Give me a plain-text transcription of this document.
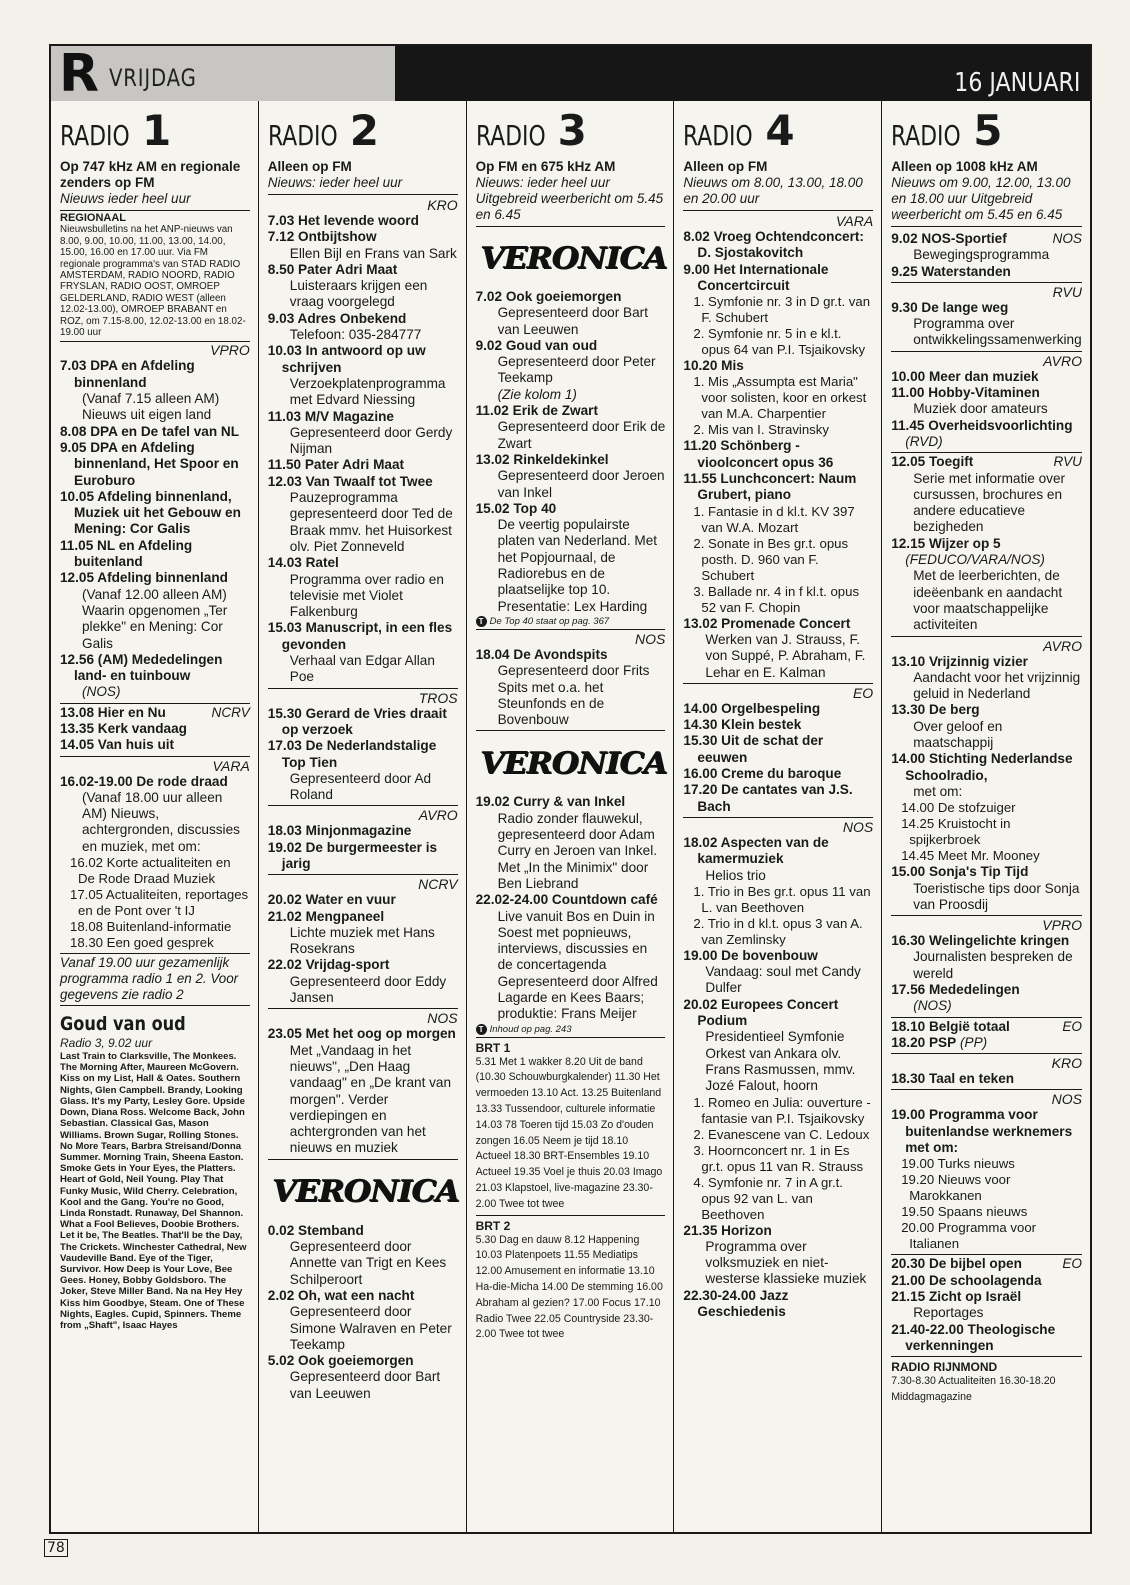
R VRIJDAG	16 JANUARI
RADIO 1
Op 747 kHz AM en regionale zenders op FM
Nieuws ieder heel uur
REGIONAAL
Nieuwsbulletins na het ANP-nieuws van 8.00, 9.00, 10.00, 11.00, 13.00, 14.00, 15.00, 16.00 en 17.00 uur. Via FM regionale programma's van STAD RADIO AMSTERDAM, RADIO NOORD, RADIO FRYSLAN, RADIO OOST, OMROEP GELDERLAND, RADIO WEST (alleen 12.02-13.00), OMROEP BRABANT en ROZ, om 7.15-8.00, 12.02-13.00 en 18.02-19.00 uur
VPRO
7.03 DPA en Afdeling binnenland
(Vanaf 7.15 alleen AM) Nieuws uit eigen land
8.08 DPA en De tafel van NL
9.05 DPA en Afdeling binnenland, Het Spoor en Euroburo
10.05 Afdeling binnenland, Muziek uit het Gebouw en Mening: Cor Galis
11.05 NL en Afdeling buitenland
12.05 Afdeling binnenland
(Vanaf 12.00 alleen AM) Waarin opgenomen „Ter plekke" en Mening: Cor Galis
12.56 (AM) Mededelingen land- en tuinbouw
(NOS)
13.08 Hier en Nu	NCRV
13.35 Kerk vandaag
14.05 Van huis uit
VARA
16.02-19.00 De rode draad
(Vanaf 18.00 uur alleen AM) Nieuws, achtergronden, discussies en muziek, met om:
16.02 Korte actualiteiten en De Rode Draad Muziek
17.05 Actualiteiten, reportages en de Pont over 't IJ
18.08 Buitenland-informatie
18.30 Een goed gesprek
Vanaf 19.00 uur gezamenlijk programma radio 1 en 2. Voor gegevens zie radio 2
Goud van oud
Radio 3, 9.02 uur
Last Train to Clarksville, The Monkees. The Morning After, Maureen McGovern. Kiss on my List, Hall & Oates. Southern Nights, Glen Campbell. Brandy, Looking Glass. It's my Party, Lesley Gore. Upside Down, Diana Ross. Welcome Back, John Sebastian. Classical Gas, Mason Williams. Brown Sugar, Rolling Stones. No More Tears, Barbra Streisand/Donna Summer. Morning Train, Sheena Easton. Smoke Gets in Your Eyes, the Platters. Heart of Gold, Neil Young. Play That Funky Music, Wild Cherry. Celebration, Kool and the Gang. You're no Good, Linda Ronstadt. Runaway, Del Shannon. What a Fool Believes, Doobie Brothers. Let it be, The Beatles. That'll be the Day, The Crickets. Winchester Cathedral, New Vaudeville Band. Eye of the Tiger, Survivor. How Deep is Your Love, Bee Gees. Honey, Bobby Goldsboro. The Joker, Steve Miller Band. Na na Hey Hey Kiss him Goodbye, Steam. One of These Nights, Eagles. Cupid, Spinners. Theme from „Shaft", Isaac Hayes
RADIO 2
Alleen op FM
Nieuws: ieder heel uur
KRO
7.03 Het levende woord
7.12 Ontbijtshow
Ellen Bijl en Frans van Sark
8.50 Pater Adri Maat
Luisteraars krijgen een vraag voorgelegd
9.03 Adres Onbekend
Telefoon: 035-284777
10.03 In antwoord op uw schrijven
Verzoekplatenprogramma met Edvard Niessing
11.03 M/V Magazine
Gepresenteerd door Gerdy Nijman
11.50 Pater Adri Maat
12.03 Van Twaalf tot Twee
Pauzeprogramma gepresenteerd door Ted de Braak mmv. het Huisorkest olv. Piet Zonneveld
14.03 Ratel
Programma over radio en televisie met Violet Falkenburg
15.03 Manuscript, in een fles gevonden
Verhaal van Edgar Allan Poe
TROS
15.30 Gerard de Vries draait op verzoek
17.03 De Nederlandstalige Top Tien
Gepresenteerd door Ad Roland
AVRO
18.03 Minjonmagazine
19.02 De burgermeester is jarig
NCRV
20.02 Water en vuur
21.02 Mengpaneel
Lichte muziek met Hans Rosekrans
22.02 Vrijdag-sport
Gepresenteerd door Eddy Jansen
NOS
23.05 Met het oog op morgen
Met „Vandaag in het nieuws", „Den Haag vandaag" en „De krant van morgen". Verder verdiepingen en achtergronden van het nieuws en muziek
VERONICA
0.02 Stemband
Gepresenteerd door Annette van Trigt en Kees Schilperoort
2.02 Oh, wat een nacht
Gepresenteerd door Simone Walraven en Peter Teekamp
5.02 Ook goeiemorgen
Gepresenteerd door Bart van Leeuwen
RADIO 3
Op FM en 675 kHz AM
Nieuws: ieder heel uur Uitgebreid weerbericht om 5.45 en 6.45
VERONICA
7.02 Ook goeiemorgen
Gepresenteerd door Bart van Leeuwen
9.02 Goud van oud
Gepresenteerd door Peter Teekamp
(Zie kolom 1)
11.02 Erik de Zwart
Gepresenteerd door Erik de Zwart
13.02 Rinkeldekinkel
Gepresenteerd door Jeroen van Inkel
15.02 Top 40
De veertig populairste platen van Nederland. Met het Popjournaal, de Radiorebus en de plaatselijke top 10. Presentatie: Lex Harding
T De Top 40 staat op pag. 367
NOS
18.04 De Avondspits
Gepresenteerd door Frits Spits met o.a. het Steunfonds en de Bovenbouw
VERONICA
19.02 Curry & van Inkel
Radio zonder flauwekul, gepresenteerd door Adam Curry en Jeroen van Inkel. Met „In the Minimix" door Ben Liebrand
22.02-24.00 Countdown café
Live vanuit Bos en Duin in Soest met popnieuws, interviews, discussies en de concertagenda Gepresenteerd door Alfred Lagarde en Kees Baars; produktie: Frans Meijer
T Inhoud op pag. 243
BRT 1
5.31 Met 1 wakker 8.20 Uit de band (10.30 Schouwburgkalender) 11.30 Het vermoeden 13.10 Act. 13.25 Buitenland 13.33 Tussendoor, culturele informatie 14.03 78 Toeren tijd 15.03 Zo d'ouden zongen 16.05 Neem je tijd 18.10 Actueel 18.30 BRT-Ensembles 19.10 Actueel 19.35 Voel je thuis 20.03 Imago 21.03 Klapstoel, live-magazine 23.30-2.00 Twee tot twee
BRT 2
5.30 Dag en dauw 8.12 Happening 10.03 Platenpoets 11.55 Mediatips 12.00 Amusement en informatie 13.10 Ha-die-Micha 14.00 De stemming 16.00 Abraham al gezien? 17.00 Focus 17.10 Radio Twee 22.05 Countryside 23.30-2.00 Twee tot twee
RADIO 4
Alleen op FM
Nieuws om 8.00, 13.00, 18.00 en 20.00 uur
VARA
8.02 Vroeg Ochtendconcert: D. Sjostakovitch
9.00 Het Internationale Concertcircuit
1. Symfonie nr. 3 in D gr.t. van F. Schubert
2. Symfonie nr. 5 in e kl.t. opus 64 van P.I. Tsjaikovsky
10.20 Mis
1. Mis „Assumpta est Maria" voor solisten, koor en orkest van M.A. Charpentier
2. Mis van I. Stravinsky
11.20 Schönberg - vioolconcert opus 36
11.55 Lunchconcert: Naum Grubert, piano
1. Fantasie in d kl.t. KV 397 van W.A. Mozart
2. Sonate in Bes gr.t. opus posth. D. 960 van F. Schubert
3. Ballade nr. 4 in f kl.t. opus 52 van F. Chopin
13.02 Promenade Concert
Werken van J. Strauss, F. von Suppé, P. Abraham, F. Lehar en E. Kalman
EO
14.00 Orgelbespeling
14.30 Klein bestek
15.30 Uit de schat der eeuwen
16.00 Creme du baroque
17.20 De cantates van J.S. Bach
NOS
18.02 Aspecten van de kamermuziek
Helios trio
1. Trio in Bes gr.t. opus 11 van L. van Beethoven
2. Trio in d kl.t. opus 3 van A. van Zemlinsky
19.00 De bovenbouw
Vandaag: soul met Candy Dulfer
20.02 Europees Concert Podium
Presidentieel Symfonie Orkest van Ankara olv. Frans Rasmussen, mmv. Jozé Falout, hoorn
1. Romeo en Julia: ouverture - fantasie van P.I. Tsjaikovsky
2. Evanescene van C. Ledoux
3. Hoornconcert nr. 1 in Es gr.t. opus 11 van R. Strauss
4. Symfonie nr. 7 in A gr.t. opus 92 van L. van Beethoven
21.35 Horizon
Programma over volksmuziek en niet-westerse klassieke muziek
22.30-24.00 Jazz Geschiedenis
RADIO 5
Alleen op 1008 kHz AM
Nieuws om 9.00, 12.00, 13.00 en 18.00 uur Uitgebreid weerbericht om 5.45 en 6.45
9.02 NOS-Sportief	NOS
Bewegingsprogramma
9.25 Waterstanden
RVU
9.30 De lange weg
Programma over ontwikkelingssamenwerking
AVRO
10.00 Meer dan muziek
11.00 Hobby-Vitaminen
Muziek door amateurs
11.45 Overheidsvoorlichting (RVD)
12.05 Toegift	RVU
Serie met informatie over cursussen, brochures en andere educatieve bezigheden
12.15 Wijzer op 5 (FEDUCO/VARA/NOS)
Met de leerberichten, de ideëenbank en aandacht voor maatschappelijke activiteiten
AVRO
13.10 Vrijzinnig vizier
Aandacht voor het vrijzinnig geluid in Nederland
13.30 De berg
Over geloof en maatschappij
14.00 Stichting Nederlandse Schoolradio,
met om:
14.00 De stofzuiger
14.25 Kruistocht in spijkerbroek
14.45 Meet Mr. Mooney
15.00 Sonja's Tip Tijd
Toeristische tips door Sonja van Proosdij
VPRO
16.30 Welingelichte kringen
Journalisten bespreken de wereld
17.56 Mededelingen
(NOS)
18.10 België totaal	EO
18.20 PSP (PP)
KRO
18.30 Taal en teken
NOS
19.00 Programma voor buitenlandse werknemers met om:
19.00 Turks nieuws
19.20 Nieuws voor Marokkanen
19.50 Spaans nieuws
20.00 Programma voor Italianen
20.30 De bijbel open	EO
21.00 De schoolagenda
21.15 Zicht op Israël
Reportages
21.40-22.00 Theologische verkenningen
RADIO RIJNMOND
7.30-8.30 Actualiteiten 16.30-18.20 Middagmagazine
78
